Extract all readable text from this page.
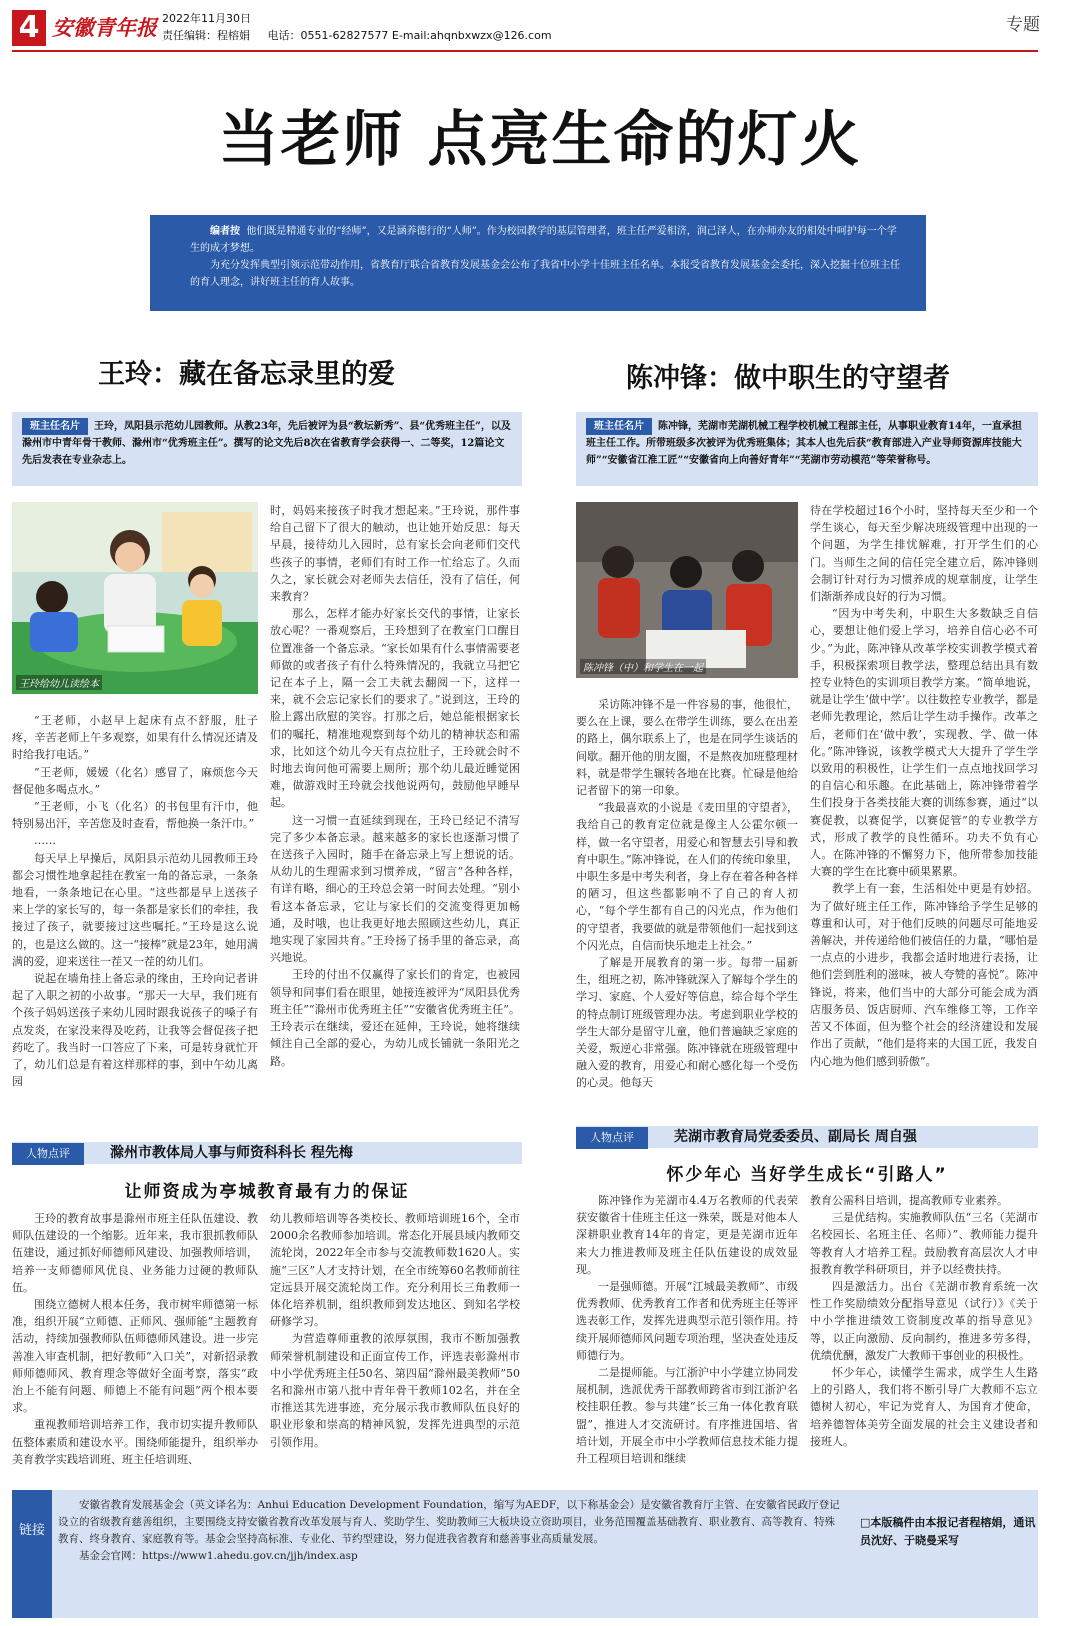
4 安徽青年报 2022年11月30日
责任编辑：程榕娟 电话：0551-62827577 E-mail:ahqnbxwzx@126.com
专题
当老师 点亮生命的灯火

编者按 他们既是精通专业的“经师”，又是涵养德行的“人师”。作为校园教学的基层管理者，班主任严爱相济，润己泽人，在亦师亦友的相处中呵护每一个学生的成才梦想。

为充分发挥典型引领示范带动作用，省教育厅联合省教育发展基金会公布了我省中小学十佳班主任名单。本报受省教育发展基金会委托，深入挖掘十位班主任的育人理念，讲好班主任的育人故事。

王玲：藏在备忘录里的爱	陈冲锋：做中职生的守望者
班主任名片 王玲，凤阳县示范幼儿园教师。从教23年，先后被评为县“教坛新秀”、县“优秀班主任”，以及滁州市中青年骨干教师、滁州市“优秀班主任”。撰写的论文先后8次在省教育学会获得一、二等奖，12篇论文先后发表在专业杂志上。
班主任名片 陈冲锋，芜湖市芜湖机械工程学校机械工程部主任，从事职业教育14年，一直承担班主任工作。所带班级多次被评为优秀班集体；其本人也先后获“教育部进入产业导师资源库技能大师”“安徽省江淮工匠”“安徽省向上向善好青年”“芜湖市劳动模范”等荣誉称号。
王玲给幼儿读绘本
陈冲锋（中）和学生在一起

“王老师，小赵早上起床有点不舒服，肚子疼，辛苦老师上午多观察，如果有什么情况还请及时给我打电话。”

“王老师，媛媛（化名）感冒了，麻烦您今天督促他多喝点水。”

“王老师，小飞（化名）的书包里有汗巾，他特别易出汗，辛苦您及时查看，帮他换一条汗巾。”

……

每天早上早操后，凤阳县示范幼儿园教师王玲都会习惯性地拿起挂在教室一角的备忘录，一条条地看，一条条地记在心里。“这些都是早上送孩子来上学的家长写的，每一条都是家长们的牵挂，我接过了孩子，就要接过这些嘱托。”王玲是这么说的，也是这么做的。这一“接棒”就是23年，她用满满的爱，迎来送往一茬又一茬的幼儿们。

说起在墙角挂上备忘录的缘由，王玲向记者讲起了入职之初的小故事。“那天一大早，我们班有个孩子妈妈送孩子来幼儿园时跟我说孩子的嗓子有点发炎，在家没来得及吃药，让我等会督促孩子把药吃了。我当时一口答应了下来，可是转身就忙开了，幼儿们总是有着这样那样的事，到中午幼儿离园

时，妈妈来接孩子时我才想起来。”王玲说，那件事给自己留下了很大的触动，也让她开始反思：每天早晨，接待幼儿入园时，总有家长会向老师们交代些孩子的事情，老师们有时工作一忙给忘了。久而久之，家长就会对老师失去信任，没有了信任，何来教育？

那么，怎样才能办好家长交代的事情，让家长放心呢？一番观察后，王玲想到了在教室门口醒目位置准备一个备忘录。“家长如果有什么事情需要老师做的或者孩子有什么特殊情况的，我就立马把它记在本子上，隔一会工夫就去翻阅一下，这样一来，就不会忘记家长们的要求了。”说到这，王玲的脸上露出欣慰的笑容。打那之后，她总能根据家长们的嘱托，精准地观察到每个幼儿的精神状态和需求，比如这个幼儿今天有点拉肚子，王玲就会时不时地去询问他可需要上厕所；那个幼儿最近睡觉困难，做游戏时王玲就会找他说两句，鼓励他早睡早起。

这一习惯一直延续到现在，王玲已经记不清写完了多少本备忘录。越来越多的家长也逐渐习惯了在送孩子入园时，随手在备忘录上写上想说的话。从幼儿的生理需求到习惯养成，“留言”各种各样，有详有略，细心的王玲总会第一时间去处理。“别小看这本备忘录，它让与家长们的交流变得更加畅通，及时哦，也让我更好地去照顾这些幼儿，真正地实现了家园共育。”王玲扬了扬手里的备忘录，高兴地说。

王玲的付出不仅赢得了家长们的肯定，也被园领导和同事们看在眼里，她接连被评为“凤阳县优秀班主任”“滁州市优秀班主任”“安徽省优秀班主任”。王玲表示在继续，爱还在延伸，王玲说，她将继续倾注自己全部的爱心，为幼儿成长铺就一条阳光之路。

采访陈冲锋不是一件容易的事，他很忙，要么在上课，要么在带学生训练，要么在出差的路上，偶尔联系上了，也是在同学生谈话的间歇。翻开他的朋友圈，不是熬夜加班整理材料，就是带学生辗转各地在比赛。忙碌是他给记者留下的第一印象。

“我最喜欢的小说是《麦田里的守望者》，我给自己的教育定位就是像主人公霍尔顿一样，做一名守望者，用爱心和智慧去引导和教育中职生。”陈冲锋说，在人们的传统印象里，中职生多是中考失利者，身上存在着各种各样的陋习，但这些都影响不了自己的育人初心，“每个学生都有自己的闪光点，作为他们的守望者，我要做的就是带领他们一起找到这个闪光点，自信而快乐地走上社会。”

了解是开展教育的第一步。每带一届新生，组班之初，陈冲锋就深入了解每个学生的学习、家庭、个人爱好等信息，综合每个学生的特点制订班级管理办法。考虑到职业学校的学生大部分是留守儿童，他们普遍缺乏家庭的关爱，叛逆心非常强。陈冲锋就在班级管理中融入爱的教育，用爱心和耐心感化每一个受伤的心灵。他每天

待在学校超过16个小时，坚持每天至少和一个学生谈心，每天至少解决班级管理中出现的一个问题，为学生排忧解难，打开学生们的心门。当师生之间的信任完全建立后，陈冲锋则会制订针对行为习惯养成的规章制度，让学生们渐渐养成良好的行为习惯。

“因为中考失利，中职生大多数缺乏自信心，要想让他们爱上学习，培养自信心必不可少。”为此，陈冲锋从改革学校实训教学模式着手，积极探索项目教学法，整理总结出具有数控专业特色的实训项目教学方案。“简单地说，就是让学生‘做中学’。以往数控专业教学，都是老师先教理论，然后让学生动手操作。改革之后，老师们在‘做中教’，实现教、学、做一体化。”陈冲锋说，该教学模式大大提升了学生学以致用的积极性，让学生们一点点地找回学习的自信心和乐趣。在此基础上，陈冲锋带着学生们投身于各类技能大赛的训练参赛，通过“以赛促教，以赛促学，以赛促管”的专业教学方式，形成了教学的良性循环。功夫不负有心人。在陈冲锋的不懈努力下，他所带参加技能大赛的学生在比赛中硕果累累。

教学上有一套，生活相处中更是有妙招。为了做好班主任工作，陈冲锋给予学生足够的尊重和认可，对于他们反映的问题尽可能地妥善解决，并传递给他们被信任的力量，“哪怕是一点点的小进步，我都会适时地进行表扬，让他们尝到胜利的滋味，被人夸赞的喜悦”。陈冲锋说，将来，他们当中的大部分可能会成为酒店服务员、饭店厨师、汽车维修工等，工作辛苦又不体面，但为整个社会的经济建设和发展作出了贡献，“他们是将来的大国工匠，我发自内心地为他们感到骄傲”。

人物点评	滁州市教体局人事与师资科科长 程先梅
让师资成为亭城教育最有力的保证

王玲的教育故事是滁州市班主任队伍建设、教师队伍建设的一个缩影。近年来，我市狠抓教师队伍建设，通过抓好师德师风建设、加强教师培训，培养一支师德师风优良、业务能力过硬的教师队伍。

围绕立德树人根本任务，我市树牢师德第一标准，组织开展“立师德、正师风、强师能”主题教育活动，持续加强教师队伍师德师风建设。进一步完善准入审查机制，把好教师“入口关”，对新招录教师师德师风、教育理念等做好全面考察，落实“政治上不能有问题、师德上不能有问题”两个根本要求。

重视教师培训培养工作，我市切实提升教师队伍整体素质和建设水平。围绕师能提升，组织举办美育教学实践培训班、班主任培训班、

幼儿教师培训等各类校长、教师培训班16个，全市2000余名教师参加培训。常态化开展县域内教师交流轮岗，2022年全市参与交流教师数1620人。实施“三区”人才支持计划，在全市统筹60名教师前往定远县开展交流轮岗工作。充分利用长三角教师一体化培养机制，组织教师到发达地区、到知名学校研修学习。

为营造尊师重教的浓厚氛围，我市不断加强教师荣誉机制建设和正面宣传工作，评选表彰滁州市中小学优秀班主任50名、第四届“滁州最美教师”50名和滁州市第八批中青年骨干教师102名，并在全市推送其先进事迹，充分展示我市教师队伍良好的职业形象和崇高的精神风貌，发挥先进典型的示范引领作用。

人物点评	芜湖市教育局党委委员、副局长 周自强
怀少年心 当好学生成长“引路人”

陈冲锋作为芜湖市4.4万名教师的代表荣获安徽省十佳班主任这一殊荣，既是对他本人深耕职业教育14年的肯定，更是芜湖市近年来大力推进教师及班主任队伍建设的成效显现。

一是强师德。开展“江城最美教师”、市级优秀教师、优秀教育工作者和优秀班主任等评选表彰工作，发挥先进典型示范引领作用。持续开展师德师风问题专项治理，坚决查处违反师德行为。

二是提师能。与江浙沪中小学建立协同发展机制，选派优秀干部教师跨省市到江浙沪名校挂职任教。参与共建“长三角一体化教育联盟”，推进人才交流研讨。有序推进国培、省培计划，开展全市中小学教师信息技术能力提升工程项目培训和继续

教育公需科目培训，提高教师专业素养。

三是优结构。实施教师队伍“三名（芜湖市名校园长、名班主任、名师）”、教师能力提升等教育人才培养工程。鼓励教育高层次人才申报教育教学科研项目，并予以经费扶持。

四是激活力。出台《芜湖市教育系统一次性工作奖励绩效分配指导意见（试行）》《关于中小学推进绩效工资制度改革的指导意见》等，以正向激励、反向制约，推进多劳多得，优绩优酬，激发广大教师干事创业的积极性。

怀少年心，读懂学生需求，成学生人生路上的引路人，我们将不断引导广大教师不忘立德树人初心，牢记为党育人、为国育才使命，培养德智体美劳全面发展的社会主义建设者和接班人。

链接

安徽省教育发展基金会（英文译名为：Anhui Education Development Foundation，缩写为AEDF，以下称基金会）是安徽省教育厅主管、在安徽省民政厅登记设立的省级教育慈善组织，主要围绕支持安徽省教育改革发展与育人、奖助学生、奖助教师三大板块设立资助项目，业务范围覆盖基础教育、职业教育、高等教育、特殊教育、终身教育、家庭教育等。基金会坚持高标准、专业化、节约型建设，努力促进我省教育和慈善事业高质量发展。

基金会官网：https://www1.ahedu.gov.cn/jjh/index.asp

□本版稿件由本报记者程榕娟，通讯员沈好、于晓曼采写
